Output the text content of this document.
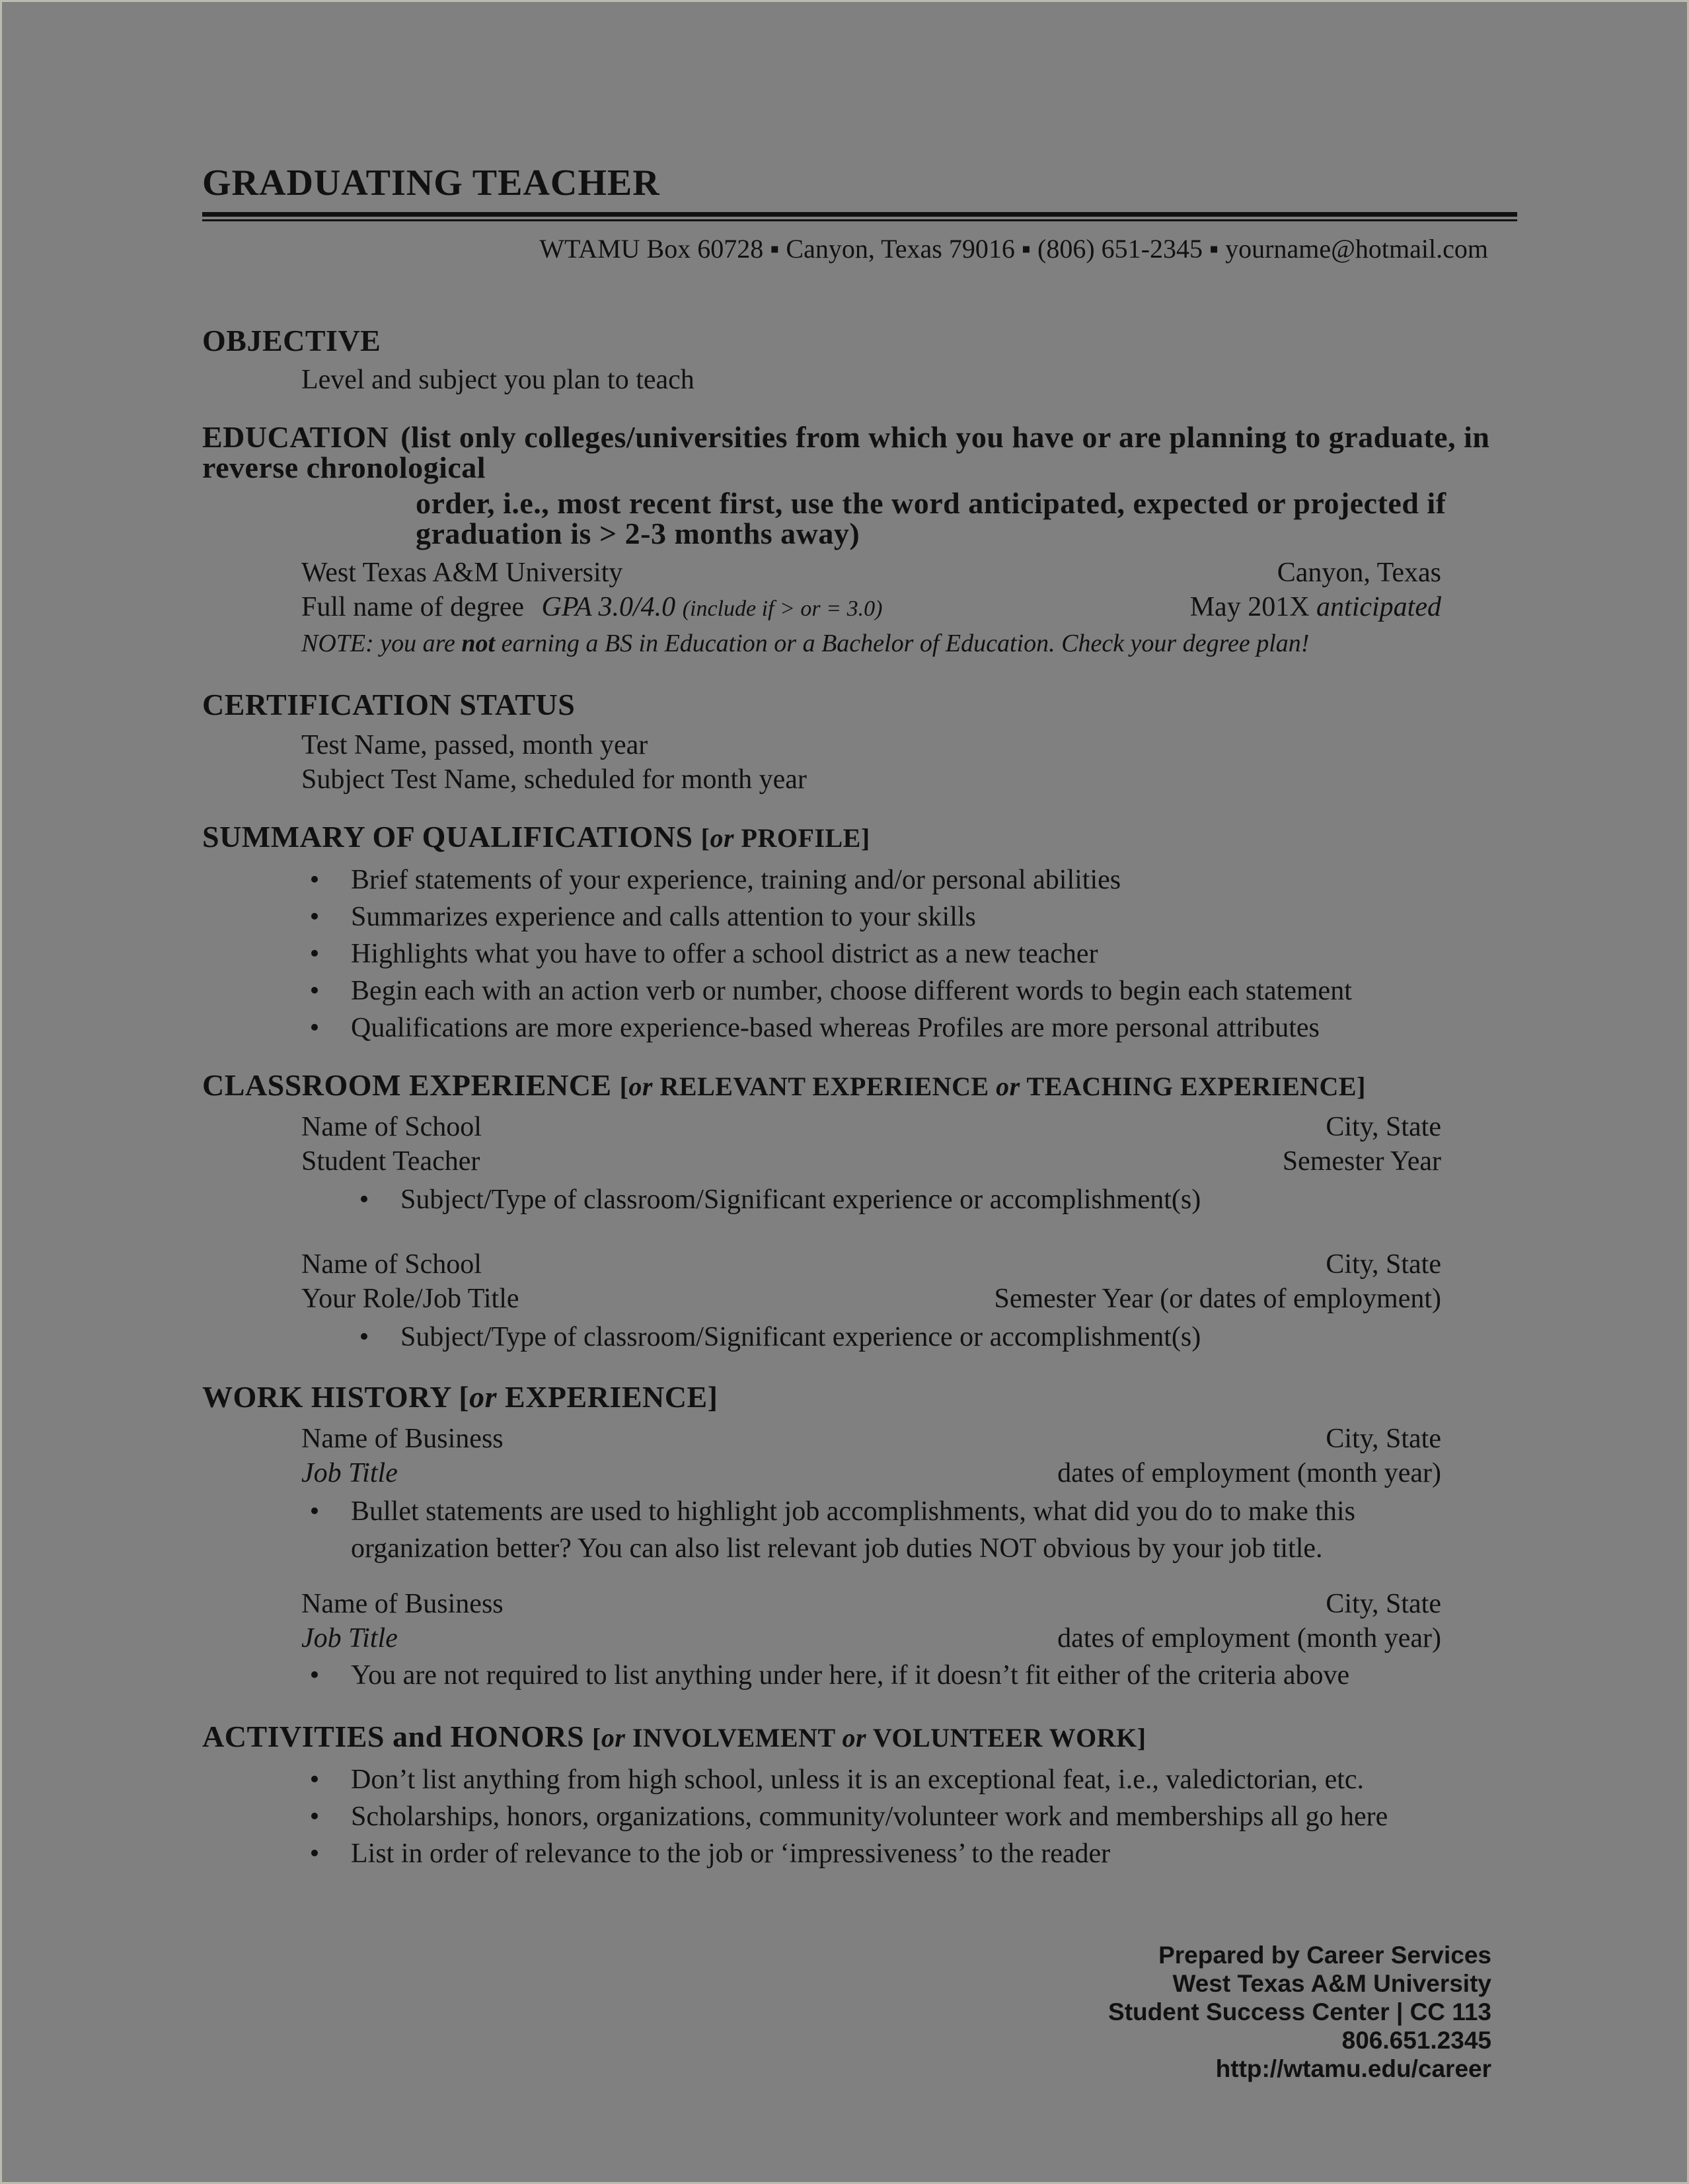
GRADUATING TEACHER
WTAMU Box 60728 ▪ Canyon, Texas 79016 ▪ (806) 651-2345 ▪ yourname@hotmail.com
OBJECTIVE
Level and subject you plan to teach
EDUCATION (list only colleges/universities from which you have or are planning to graduate, in reverse chronological
order, i.e., most recent first, use the word anticipated, expected or projected if graduation is > 2-3 months away)
West Texas A&M University	Canyon, Texas
Full name of degree GPA 3.0/4.0 (include if > or = 3.0)	May 201X anticipated
NOTE: you are not earning a BS in Education or a Bachelor of Education. Check your degree plan!
CERTIFICATION STATUS
Test Name, passed, month year
Subject Test Name, scheduled for month year
SUMMARY OF QUALIFICATIONS [or PROFILE]
•	Brief statements of your experience, training and/or personal abilities
•	Summarizes experience and calls attention to your skills
•	Highlights what you have to offer a school district as a new teacher
•	Begin each with an action verb or number, choose different words to begin each statement
•	Qualifications are more experience-based whereas Profiles are more personal attributes
CLASSROOM EXPERIENCE [or RELEVANT EXPERIENCE or TEACHING EXPERIENCE]
Name of School	City, State
Student Teacher	Semester Year
•	Subject/Type of classroom/Significant experience or accomplishment(s)
Name of School	City, State
Your Role/Job Title	Semester Year (or dates of employment)
•	Subject/Type of classroom/Significant experience or accomplishment(s)
WORK HISTORY [or EXPERIENCE]
Name of Business	City, State
Job Title	dates of employment (month year)
•	Bullet statements are used to highlight job accomplishments, what did you do to make this
organization better? You can also list relevant job duties NOT obvious by your job title.
Name of Business	City, State
Job Title	dates of employment (month year)
•	You are not required to list anything under here, if it doesn’t fit either of the criteria above
ACTIVITIES and HONORS [or INVOLVEMENT or VOLUNTEER WORK]
•	Don’t list anything from high school, unless it is an exceptional feat, i.e., valedictorian, etc.
•	Scholarships, honors, organizations, community/volunteer work and memberships all go here
•	List in order of relevance to the job or ‘impressiveness’ to the reader
Prepared by Career Services
West Texas A&M University
Student Success Center | CC 113
806.651.2345
http://wtamu.edu/career
